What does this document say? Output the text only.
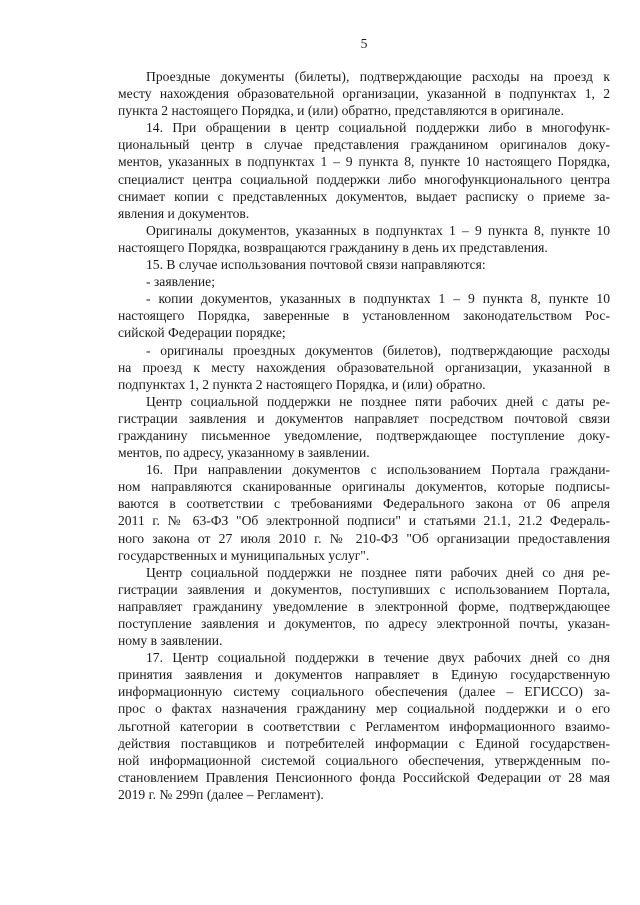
5
Проездные документы (билеты), подтверждающие расходы на проезд к
месту нахождения образовательной организации, указанной в подпунктах 1, 2
пункта 2 настоящего Порядка, и (или) обратно, представляются в оригинале.
14. При обращении в центр социальной поддержки либо в многофунк-
циональный центр в случае представления гражданином оригиналов доку-
ментов, указанных в подпунктах 1 – 9 пункта 8, пункте 10 настоящего Порядка,
специалист центра социальной поддержки либо многофункционального центра
снимает копии с представленных документов, выдает расписку о приеме за-
явления и документов.
Оригиналы документов, указанных в подпунктах 1 – 9 пункта 8, пункте 10
настоящего Порядка, возвращаются гражданину в день их представления.
15. В случае использования почтовой связи направляются:
- заявление;
- копии документов, указанных в подпунктах 1 – 9 пункта 8, пункте 10
настоящего Порядка, заверенные в установленном законодательством Рос-
сийской Федерации порядке;
- оригиналы проездных документов (билетов), подтверждающие расходы
на проезд к месту нахождения образовательной организации, указанной в
подпунктах 1, 2 пункта 2 настоящего Порядка, и (или) обратно.
Центр социальной поддержки не позднее пяти рабочих дней с даты ре-
гистрации заявления и документов направляет посредством почтовой связи
гражданину письменное уведомление, подтверждающее поступление доку-
ментов, по адресу, указанному в заявлении.
16. При направлении документов с использованием Портала граждани-
ном направляются сканированные оригиналы документов, которые подписы-
ваются в соответствии с требованиями Федерального закона от 06 апреля
2011 г. № 63-ФЗ "Об электронной подписи" и статьями 21.1, 21.2 Федераль-
ного закона от 27 июля 2010 г. № 210-ФЗ "Об организации предоставления
государственных и муниципальных услуг".
Центр социальной поддержки не позднее пяти рабочих дней со дня ре-
гистрации заявления и документов, поступивших с использованием Портала,
направляет гражданину уведомление в электронной форме, подтверждающее
поступление заявления и документов, по адресу электронной почты, указан-
ному в заявлении.
17. Центр социальной поддержки в течение двух рабочих дней со дня
принятия заявления и документов направляет в Единую государственную
информационную систему социального обеспечения (далее – ЕГИССО) за-
прос о фактах назначения гражданину мер социальной поддержки и о его
льготной категории в соответствии с Регламентом информационного взаимо-
действия поставщиков и потребителей информации с Единой государствен-
ной информационной системой социального обеспечения, утвержденным по-
становлением Правления Пенсионного фонда Российской Федерации от 28 мая
2019 г. № 299п (далее – Регламент).
